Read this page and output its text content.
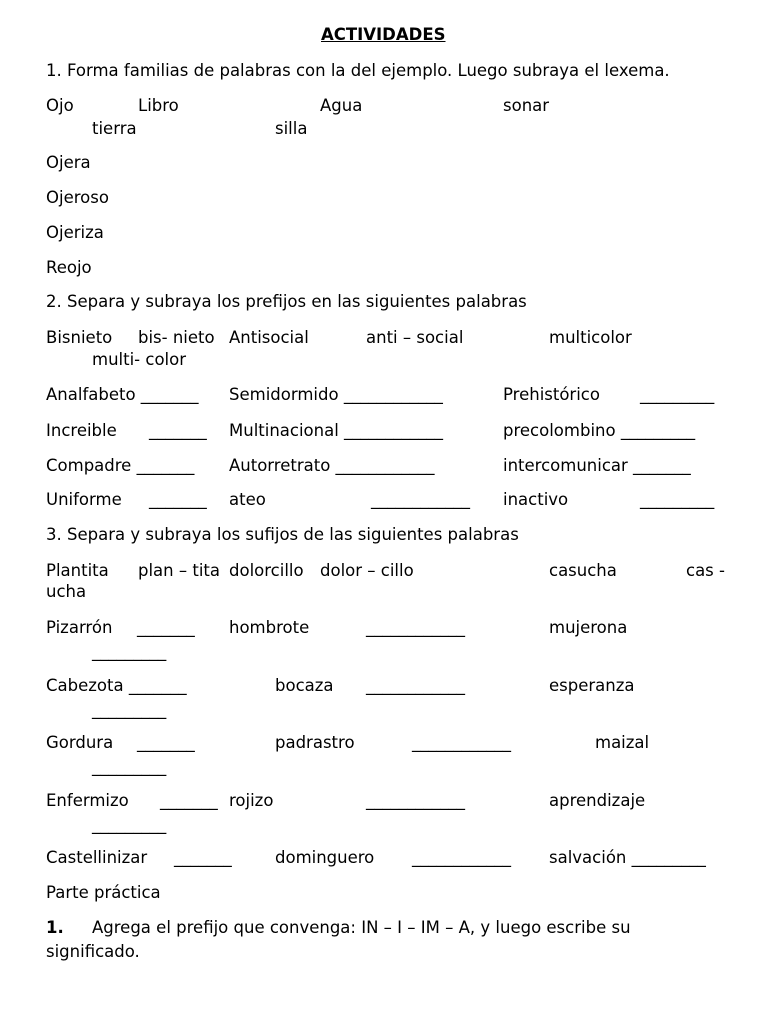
ACTIVIDADES
1. Forma familias de palabras con la del ejemplo. Luego subraya el lexema.
Ojo	Libro	Agua	sonar
tierra	silla
Ojera
Ojeroso
Ojeriza
Reojo
2. Separa y subraya los prefijos en las siguientes palabras
Bisnieto bis- nieto Antisocial	anti – social	multicolor
multi- color
Analfabeto _______ Semidormido ____________	Prehistórico _________
Increible _______ Multinacional ____________	precolombino _________
Compadre _______ Autorretrato ____________	intercomunicar _______
Uniforme _______ ateo	____________ inactivo	_________
3. Separa y subraya los sufijos de las siguientes palabras
Plantita plan – tita dolorcillo dolor – cillo	casucha	cas -
ucha
Pizarrón _______ hombrote	____________	mujerona
_________
Cabezota _______	bocaza ____________	esperanza
_________
Gordura _______	padrastro	____________	maizal
_________
Enfermizo _______ rojizo	____________	aprendizaje
_________
Castellinizar _______	dominguero ____________ salvación _________
Parte práctica
1. Agrega el prefijo que convenga: IN – I – IM – A, y luego escribe su
significado.
